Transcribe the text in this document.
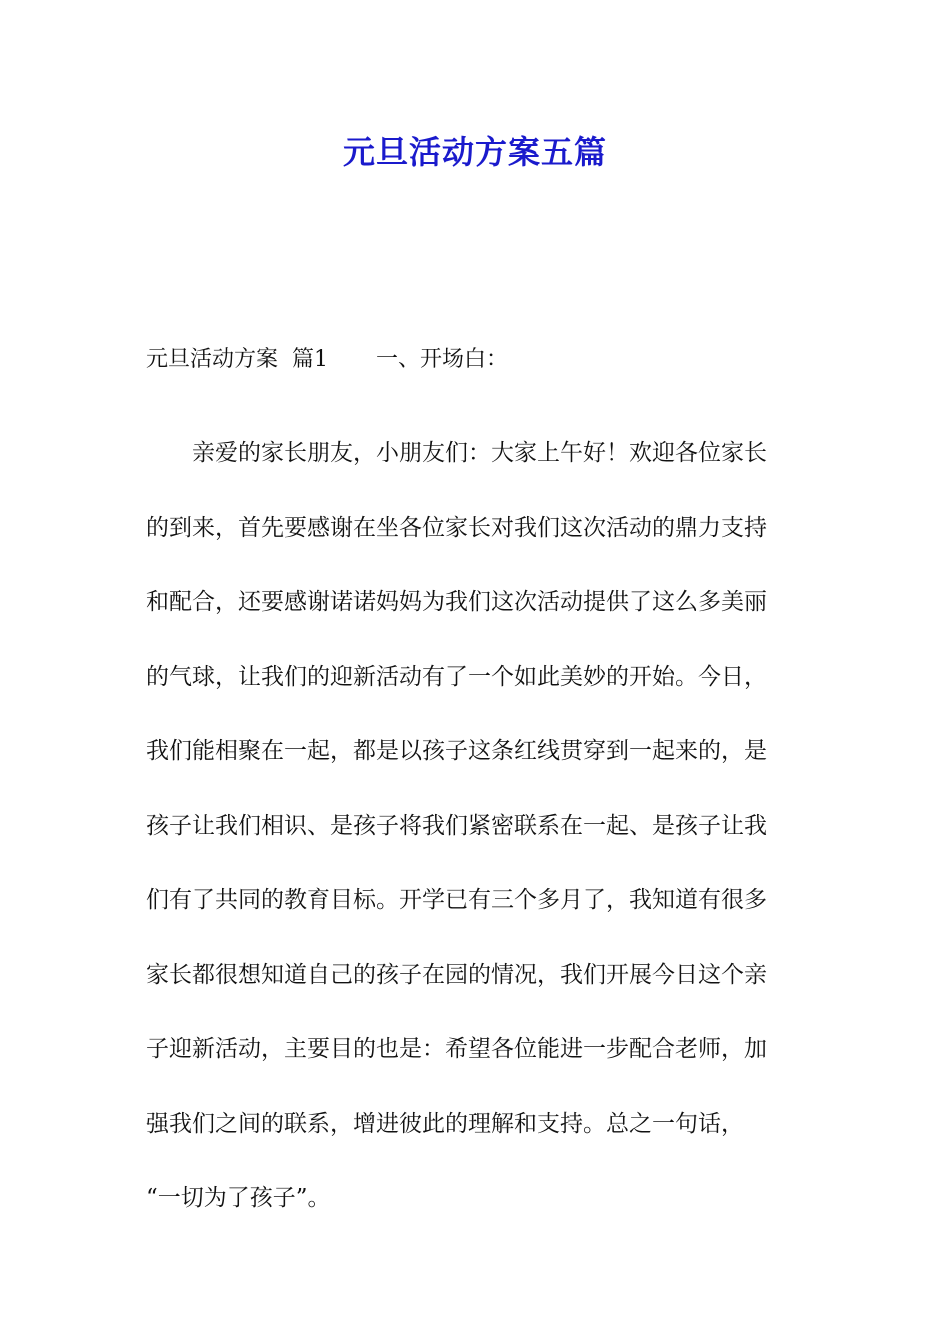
元旦活动方案五篇
元旦活动方案  篇1 一、开场白：
　　亲爱的家长朋友，小朋友们：大家上午好！欢迎各位家长
的到来，首先要感谢在坐各位家长对我们这次活动的鼎力支持
和配合，还要感谢诺诺妈妈为我们这次活动提供了这么多美丽
的气球，让我们的迎新活动有了一个如此美妙的开始。今日，
我们能相聚在一起，都是以孩子这条红线贯穿到一起来的，是
孩子让我们相识、是孩子将我们紧密联系在一起、是孩子让我
们有了共同的教育目标。开学已有三个多月了，我知道有很多
家长都很想知道自己的孩子在园的情况，我们开展今日这个亲
子迎新活动，主要目的也是：希望各位能进一步配合老师，加
强我们之间的联系，增进彼此的理解和支持。总之一句话，
“一切为了孩子”。
